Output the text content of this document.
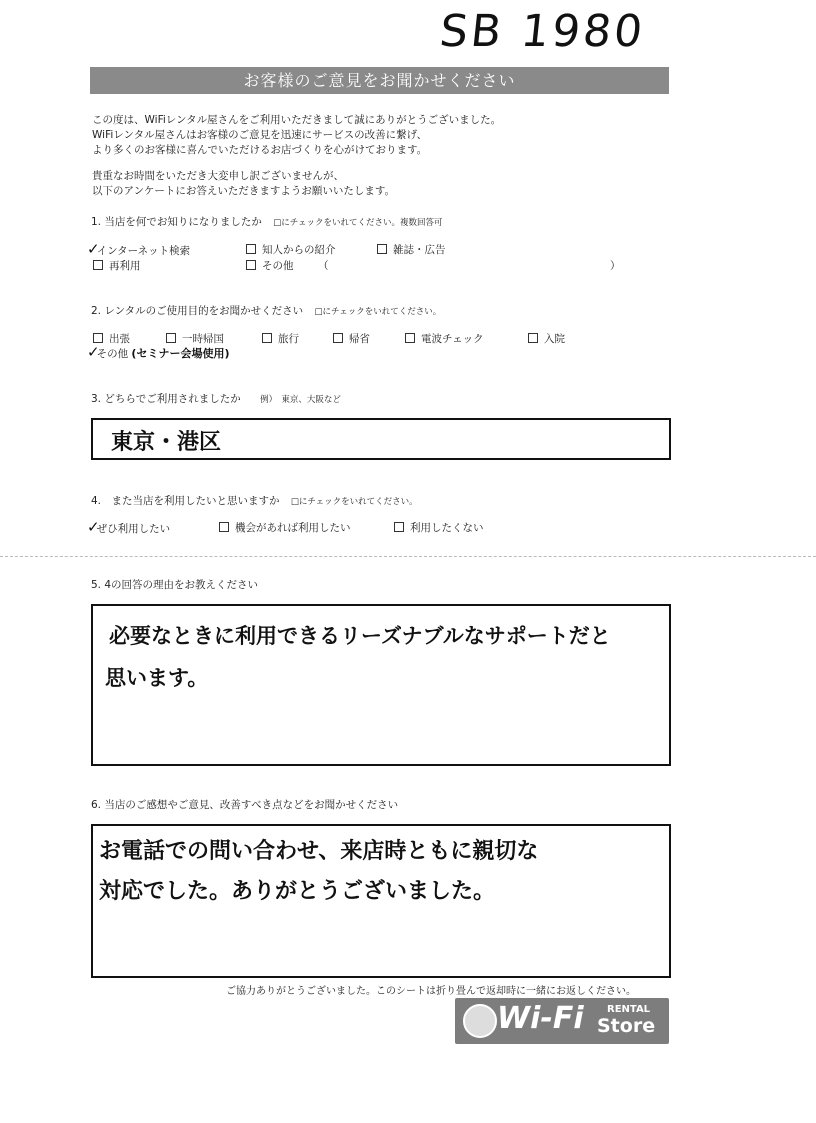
SB 1980
お客様のご意見をお聞かせください
この度は、WiFiレンタル屋さんをご利用いただきまして誠にありがとうございました。
WiFiレンタル屋さんはお客様のご意見を迅速にサービスの改善に繋げ、
より多くのお客様に喜んでいただけるお店づくりを心がけております。
貴重なお時間をいただき大変申し訳ございませんが、
以下のアンケートにお答えいただきますようお願いいたします。
1. 当店を何でお知りになりましたか □にチェックをいれてください。複数回答可
✓インターネット検索	知人からの紹介	雑誌・広告
再利用	その他 （	）
2. レンタルのご使用目的をお聞かせください □にチェックをいれてください。
出張	一時帰国	旅行	帰省	電波チェック	入院
✓その他 (セミナー会場使用)
3. どちらでご利用されましたか 例）　東京、大阪など
東京・港区
4.　また当店を利用したいと思いますか □にチェックをいれてください。
✓ぜひ利用したい	機会があれば利用したい	利用したくない
5. 4の回答の理由をお教えください
必要なときに利用できるリーズナブルなサポートだと
思います。
6. 当店のご感想やご意見、改善すべき点などをお聞かせください
お電話での問い合わせ、来店時ともに親切な
対応でした。ありがとうございました。
ご協力ありがとうございました。このシートは折り畳んで返却時に一緒にお返しください。
Wi-Fi RENTAL
Store
